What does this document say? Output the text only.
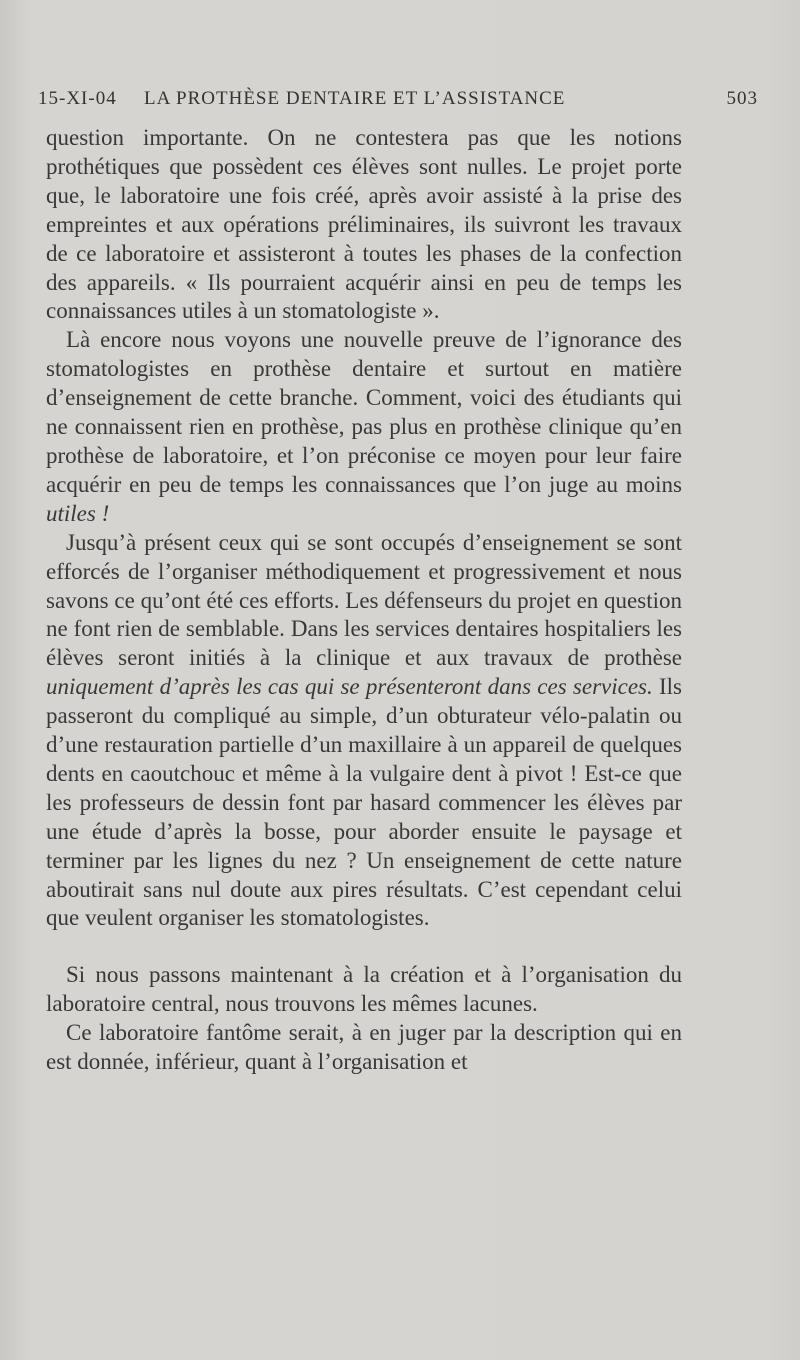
15-XI-04 LA PROTHÈSE DENTAIRE ET L’ASSISTANCE	503

question importante. On ne contestera pas que les notions prothétiques que possèdent ces élèves sont nulles. Le projet porte que, le laboratoire une fois créé, après avoir assisté à la prise des empreintes et aux opérations préliminaires, ils suivront les travaux de ce laboratoire et assisteront à toutes les phases de la confection des appareils. « Ils pourraient acquérir ainsi en peu de temps les connaissances utiles à un stomatologiste ».

Là encore nous voyons une nouvelle preuve de l’ignorance des stomatologistes en prothèse dentaire et surtout en matière d’enseignement de cette branche. Comment, voici des étudiants qui ne connaissent rien en prothèse, pas plus en prothèse clinique qu’en prothèse de laboratoire, et l’on préconise ce moyen pour leur faire acquérir en peu de temps les connaissances que l’on juge au moins utiles !

Jusqu’à présent ceux qui se sont occupés d’enseignement se sont efforcés de l’organiser méthodiquement et progressivement et nous savons ce qu’ont été ces efforts. Les défenseurs du projet en question ne font rien de semblable. Dans les services dentaires hospitaliers les élèves seront initiés à la clinique et aux travaux de prothèse uniquement d’après les cas qui se présenteront dans ces services. Ils passeront du compliqué au simple, d’un obturateur vélo-palatin ou d’une restauration partielle d’un maxillaire à un appareil de quelques dents en caoutchouc et même à la vulgaire dent à pivot ! Est-ce que les professeurs de dessin font par hasard commencer les élèves par une étude d’après la bosse, pour aborder ensuite le paysage et terminer par les lignes du nez ? Un enseignement de cette nature aboutirait sans nul doute aux pires résultats. C’est cependant celui que veulent organiser les stomatologistes.

Si nous passons maintenant à la création et à l’organisation du laboratoire central, nous trouvons les mêmes lacunes.

Ce laboratoire fantôme serait, à en juger par la description qui en est donnée, inférieur, quant à l’organisation et
